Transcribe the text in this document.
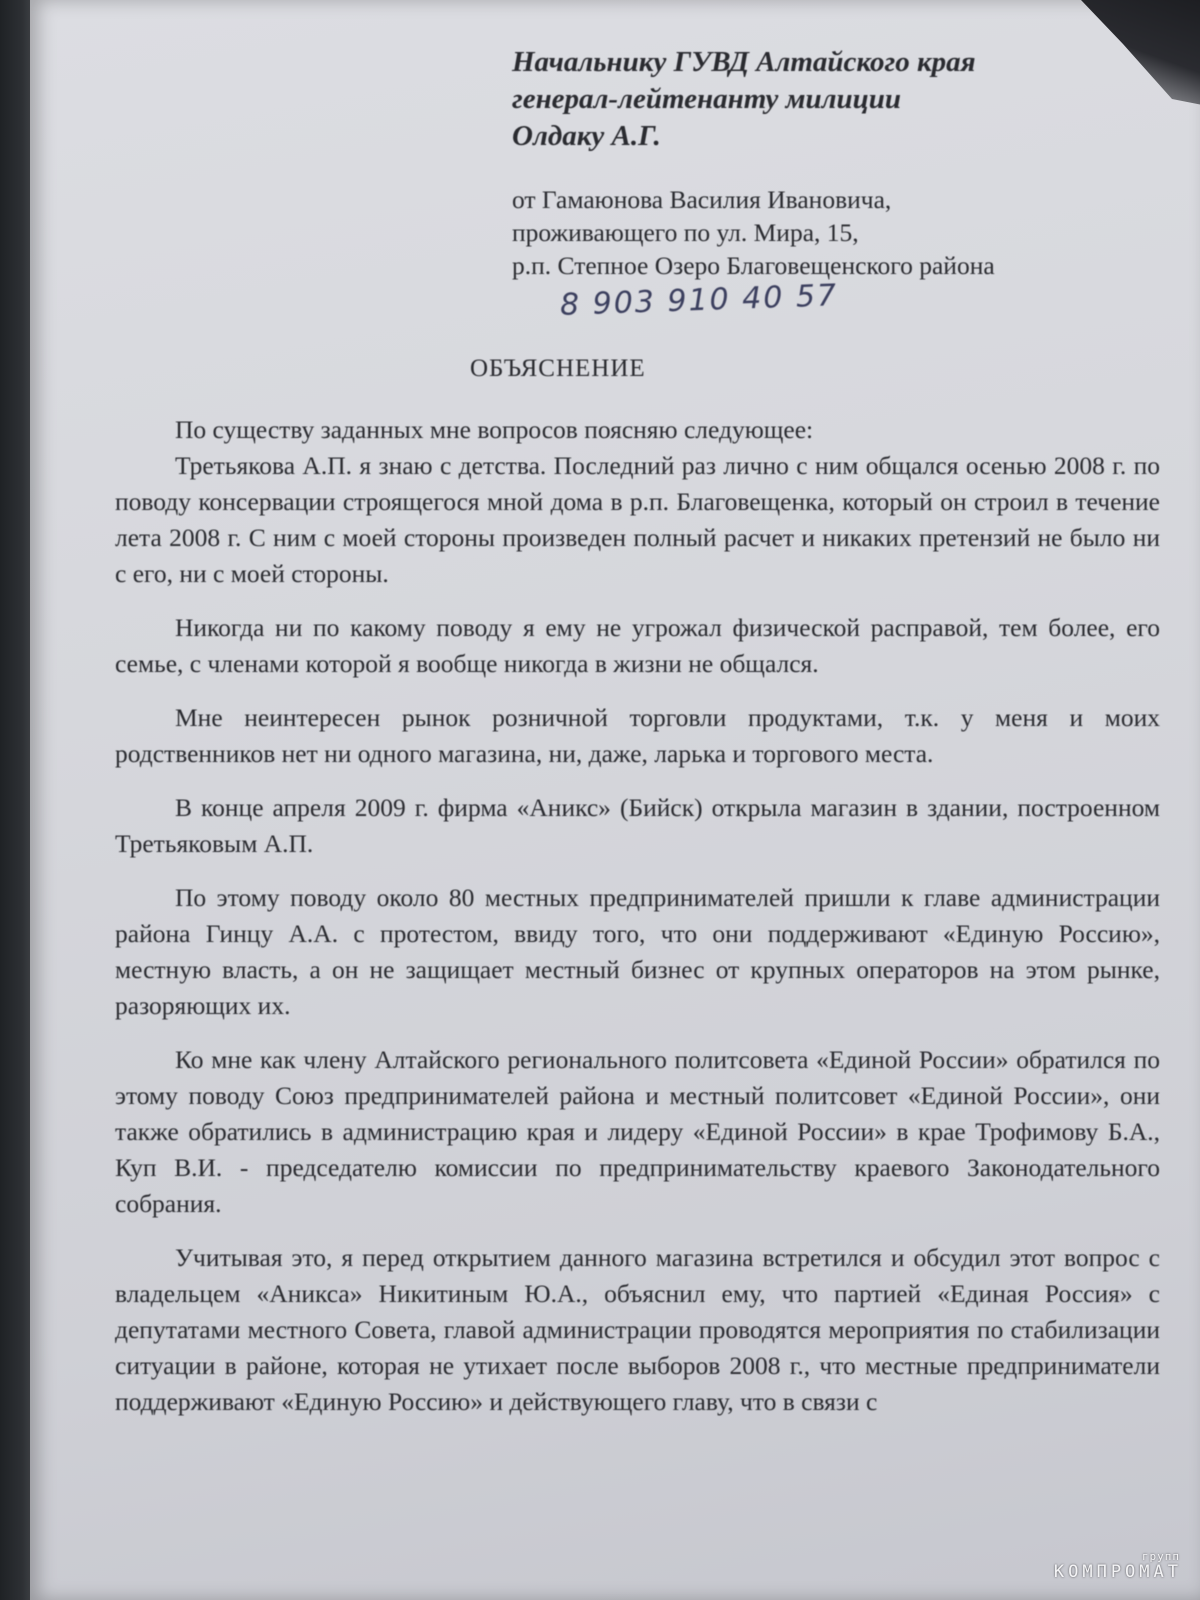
Начальнику ГУВД Алтайского края
генерал-лейтенанту милиции
Олдаку А.Г.
от Гамаюнова Василия Ивановича,
проживающего по ул. Мира, 15,
р.п. Степное Озеро Благовещенского района
8 903 910 40 57
ОБЪЯСНЕНИЕ

По существу заданных мне вопросов поясняю следующее:

Третьякова А.П. я знаю с детства. Последний раз лично с ним общался осенью 2008 г. по поводу консервации строящегося мной дома в р.п. Благовещенка, который он строил в течение лета 2008 г. С ним с моей стороны произведен полный расчет и никаких претензий не было ни с его, ни с моей стороны.

Никогда ни по какому поводу я ему не угрожал физической расправой, тем более, его семье, с членами которой я вообще никогда в жизни не общался.

Мне неинтересен рынок розничной торговли продуктами, т.к. у меня и моих родственников нет ни одного магазина, ни, даже, ларька и торгового места.

В конце апреля 2009 г. фирма «Аникс» (Бийск) открыла магазин в здании, построенном Третьяковым А.П.

По этому поводу около 80 местных предпринимателей пришли к главе администрации района Гинцу А.А. с протестом, ввиду того, что они поддерживают «Единую Россию», местную власть, а он не защищает местный бизнес от крупных операторов на этом рынке, разоряющих их.

Ко мне как члену Алтайского регионального политсовета «Единой России» обратился по этому поводу Союз предпринимателей района и местный политсовет «Единой России», они также обратились в администрацию края и лидеру «Единой России» в крае Трофимову Б.А., Куп В.И. - председателю комиссии по предпринимательству краевого Законодательного собрания.

Учитывая это, я перед открытием данного магазина встретился и обсудил этот вопрос с владельцем «Аникса» Никитиным Ю.А., объяснил ему, что партией «Единая Россия» с депутатами местного Совета, главой администрации проводятся мероприятия по стабилизации ситуации в районе, которая не утихает после выборов 2008 г., что местные предприниматели поддерживают «Единую Россию» и действующего главу, что в связи с

групп
КОМПРОМАТ
